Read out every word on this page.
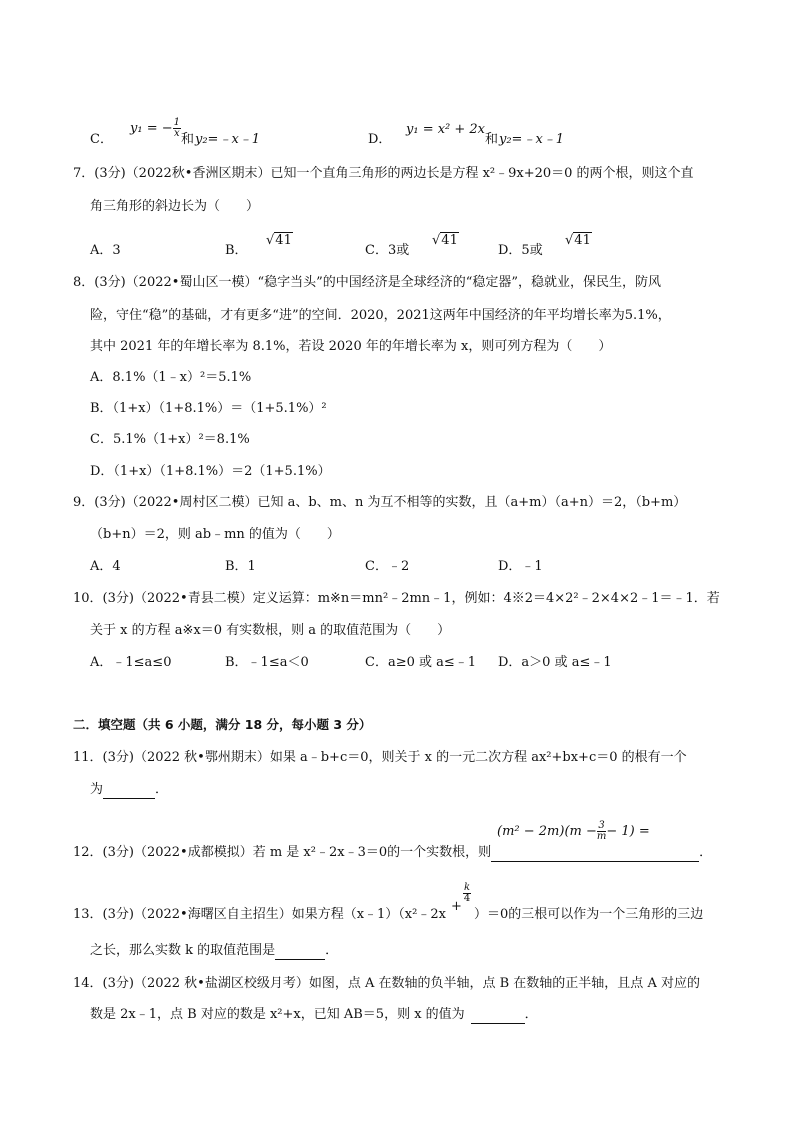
C．
y₁ = − $\frac{1}{x}$
和 y₂=﹣x﹣1	D．
y₁ = x² + 2x
和 y₂=﹣x﹣1
7．(3分)（2022秋•香洲区期末）已知一个直角三角形的两边长是方程 x²﹣9x+20＝0 的两个根，则这个直
角三角形的斜边长为（　　）
A．3	B．
√41
C．3或
√41
D．5或
√41
8．(3分)（2022•蜀山区一模）“稳字当头”的中国经济是全球经济的“稳定器”，稳就业，保民生，防风
险，守住“稳”的基础，才有更多“进”的空间．2020，2021这两年中国经济的年平均增长率为5.1%，
其中 2021 年的年增长率为 8.1%，若设 2020 年的年增长率为 x，则可列方程为（　　）
A．8.1%（1﹣x）²＝5.1%
B．（1+x）（1+8.1%）＝（1+5.1%）²
C．5.1%（1+x）²＝8.1%
D．（1+x）（1+8.1%）＝2（1+5.1%）
9．(3分)（2022•周村区二模）已知 a、b、m、n 为互不相等的实数，且（a+m）（a+n）＝2，（b+m）
（b+n）＝2，则 ab﹣mn 的值为（　　）
A．4	B．1	C．﹣2	D．﹣1
10．(3分)（2022•青县二模）定义运算：m※n＝mn²﹣2mn﹣1，例如：4※2＝4×2²﹣2×4×2﹣1＝﹣1．若
关于 x 的方程 a※x＝0 有实数根，则 a 的取值范围为（　　）
A．﹣1≤a≤0	B．﹣1≤a＜0	C．a≥0 或 a≤﹣1 D．a＞0 或 a≤﹣1
二．填空题（共 6 小题，满分 18 分，每小题 3 分）
11．(3分)（2022 秋•鄂州期末）如果 a﹣b+c＝0，则关于 x 的一元二次方程 ax²+bx+c＝0 的根有一个
为	．
$(m^2 - 2m)(m - \frac{3}{m} - 1)$ =
12．(3分)（2022•成都模拟）若 m 是 x²﹣2x﹣3＝0的一个实数根，则	．
+
$\frac{k}{4}$
13．(3分)（2022•海曙区自主招生）如果方程（x﹣1）（x²﹣2x ）＝0的三根可以作为一个三角形的三边
之长，那么实数 k 的取值范围是	．
14．(3分)（2022 秋•盐湖区校级月考）如图，点 A 在数轴的负半轴，点 B 在数轴的正半轴，且点 A 对应的
数是 2x﹣1，点 B 对应的数是 x²+x，已知 AB＝5，则 x 的值为	．
